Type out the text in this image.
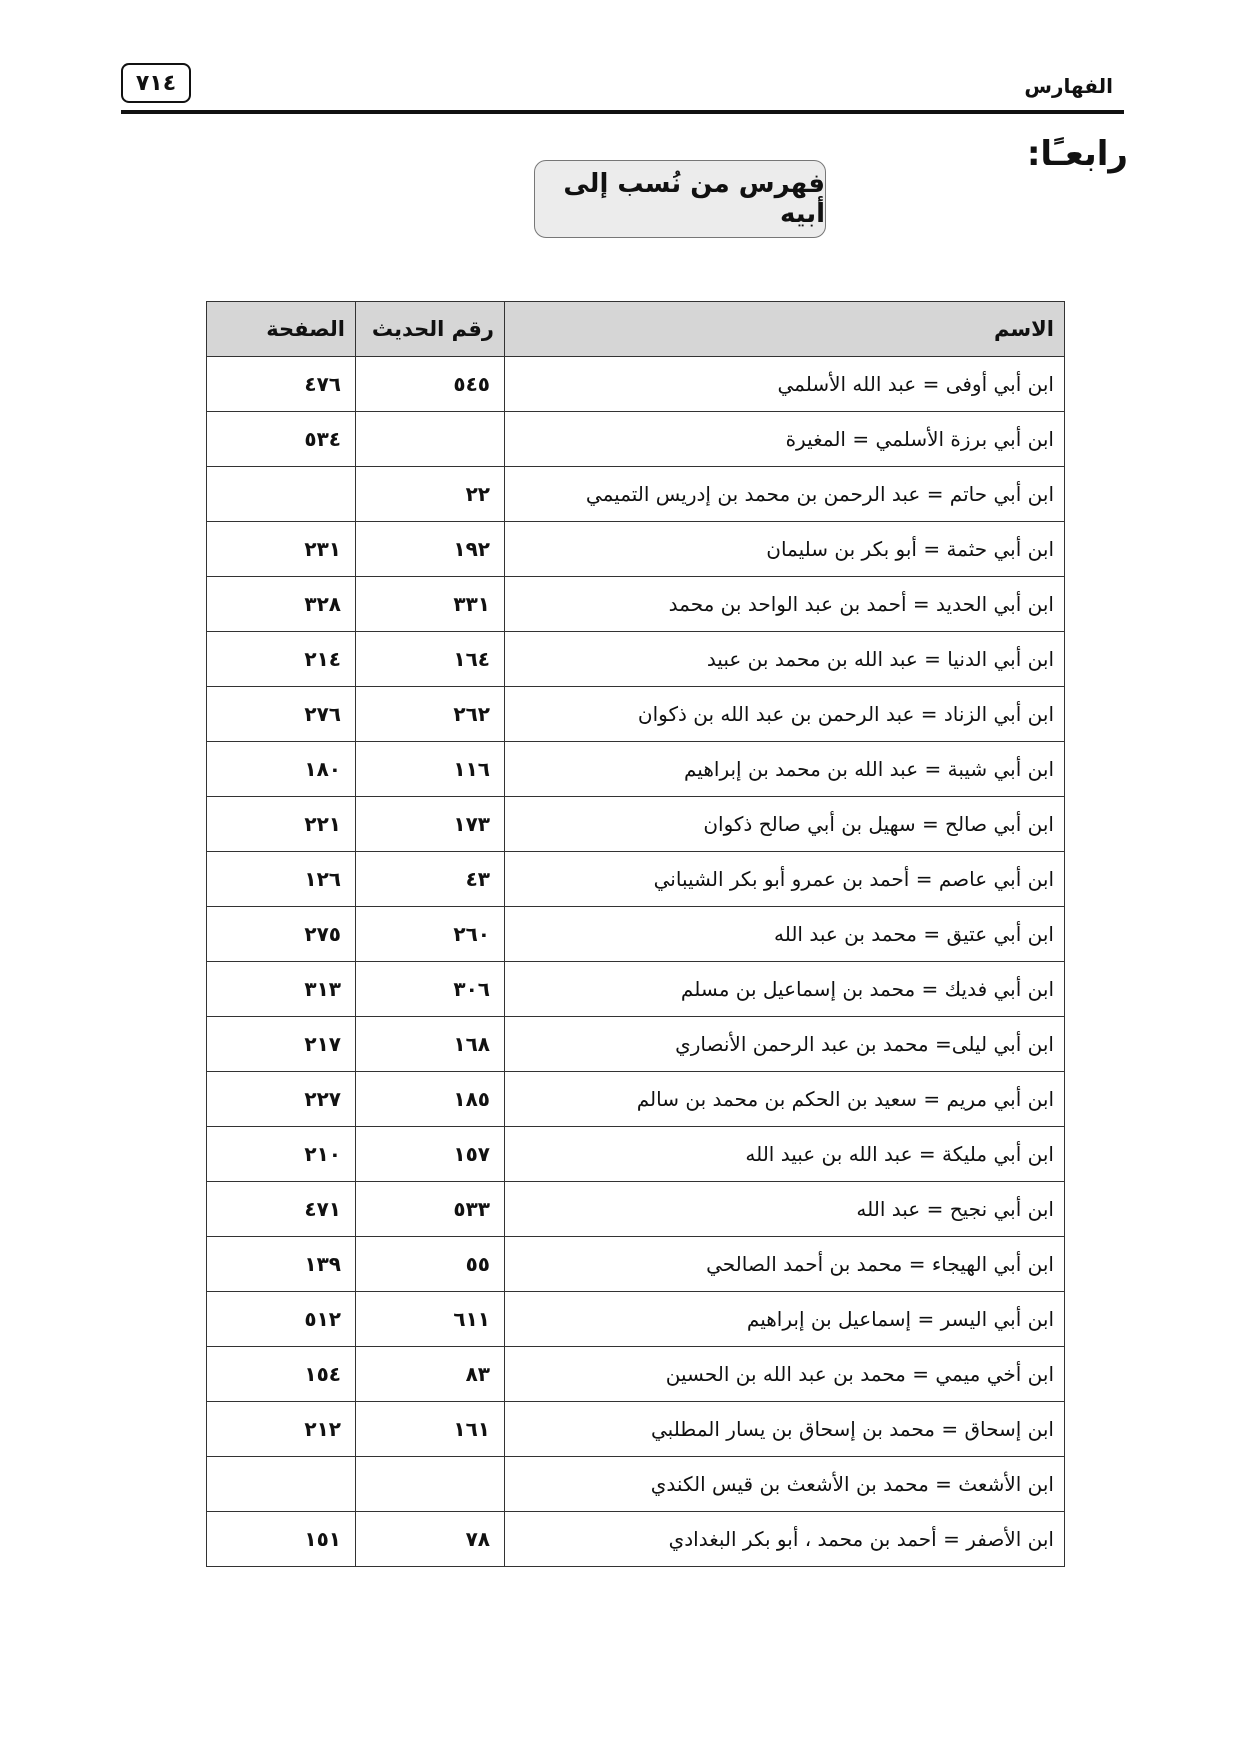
٧١٤	الفهارس
رابعـًا:
فهرس من نُسب إلى أبيه
الاسم	رقم الحديث	الصفحة
ابن أبي أوفى = عبد الله الأسلمي	٥٤٥	٤٧٦
ابن أبي برزة الأسلمي = المغيرة		٥٣٤
ابن أبي حاتم = عبد الرحمن بن محمد بن إدريس التميمي	٢٢	
ابن أبي حثمة = أبو بكر بن سليمان	١٩٢	٢٣١
ابن أبي الحديد = أحمد بن عبد الواحد بن محمد	٣٣١	٣٢٨
ابن أبي الدنيا = عبد الله بن محمد بن عبيد	١٦٤	٢١٤
ابن أبي الزناد = عبد الرحمن بن عبد الله بن ذكوان	٢٦٢	٢٧٦
ابن أبي شيبة = عبد الله بن محمد بن إبراهيم	١١٦	١٨٠
ابن أبي صالح = سهيل بن أبي صالح ذكوان	١٧٣	٢٢١
ابن أبي عاصم = أحمد بن عمرو أبو بكر الشيباني	٤٣	١٢٦
ابن أبي عتيق = محمد بن عبد الله	٢٦٠	٢٧٥
ابن أبي فديك = محمد بن إسماعيل بن مسلم	٣٠٦	٣١٣
ابن أبي ليلى= محمد بن عبد الرحمن الأنصاري	١٦٨	٢١٧
ابن أبي مريم = سعيد بن الحكم بن محمد بن سالم	١٨٥	٢٢٧
ابن أبي مليكة = عبد الله بن عبيد الله	١٥٧	٢١٠
ابن أبي نجيح = عبد الله	٥٣٣	٤٧١
ابن أبي الهيجاء = محمد بن أحمد الصالحي	٥٥	١٣٩
ابن أبي اليسر = إسماعيل بن إبراهيم	٦١١	٥١٢
ابن أخي ميمي = محمد بن عبد الله بن الحسين	٨٣	١٥٤
ابن إسحاق = محمد بن إسحاق بن يسار المطلبي	١٦١	٢١٢
ابن الأشعث = محمد بن الأشعث بن قيس الكندي		
ابن الأصفر = أحمد بن محمد ، أبو بكر البغدادي	٧٨	١٥١
